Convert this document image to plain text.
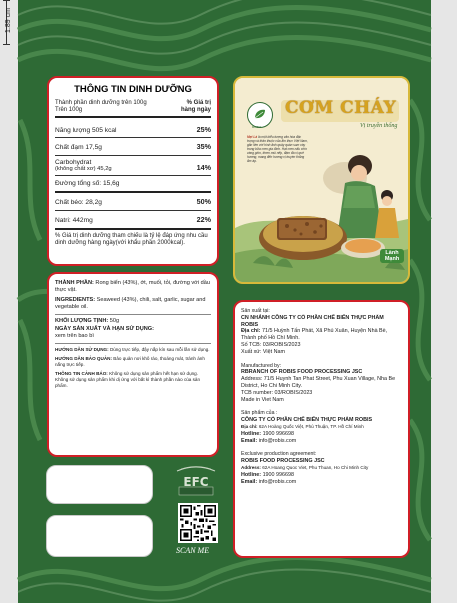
1.89 cm
THÔNG TIN DINH DƯỠNG
Thành phần dinh dưỡng trên 100g
Trên 100g
% Giá trị
hàng ngày
Năng lượng 505 kcal	25%
Chất đạm 17,5g	35%
Carbohydrat
(không chất xơ) 45,2g	14%
Đường tổng số: 15,6g
Chất béo: 28,2g	50%
Natri: 442mg	22%
% Giá trị dinh dưỡng tham chiếu là tỷ lệ đáp ứng nhu cầu dinh dưỡng hàng ngày(với khẩu phần 2000kcal).
ROBIS
CƠM CHÁY
Vị truyền thống
Mẹt Lá là một biểu tượng văn hóa đặc trưng và thân thuộc của ẩm thực Việt Nam, gắn liền với hình ảnh quây quần sum vầy trong bữa cơm gia đình. Hạt cơm nấu chín vàng giòn, thơm mùi nếp, đậm đà vị quê hương, mang đến hương vị truyền thống ấm áp.
Lành Mạnh

THÀNH PHẦN: Rong biển (43%), ớt, muối, tỏi, đường với dầu thực vật.

INGREDIENTS: Seaweed (43%), chili, salt, garlic, sugar and vegetable oil.

KHỐI LƯỢNG TỊNH: 50g

NGÀY SẢN XUẤT VÀ HẠN SỬ DỤNG:

xem trên bao bì

HƯỚNG DẪN SỬ DỤNG: Dùng trực tiếp, đậy nắp kín sau mỗi lần sử dụng.

HƯỚNG DẪN BẢO QUẢN: Bảo quản nơi khô ráo, thoáng mát, tránh ánh nắng trực tiếp.

THÔNG TIN CẢNH BÁO: Không sử dụng sản phẩm hết hạn sử dụng. Không sử dụng sản phẩm khi dị ứng với bất kì thành phần nào của sản phẩm.

Sản xuất tại:

CN NHÁNH CÔNG TY CỔ PHẦN CHẾ BIẾN THỰC PHẨM ROBIS

Địa chỉ: 71/5 Huỳnh Tấn Phát, Xã Phú Xuân, Huyện Nhà Bè, Thành phố Hồ Chí Minh.

Số TCB: 03/ROBIS/2023

Xuất xứ: Việt Nam

Manufactured by:

RBRANCH OF ROBIS FOOD PROCESSING JSC

Address: 71/5 Huynh Tan Phat Street, Phu Xuan Village, Nha Be District, Ho Chi Minh City.

TCB number: 03/ROBIS/2023

Made in Viet Nam

Sản phẩm của :

CÔNG TY CỔ PHẦN CHẾ BIẾN THỰC PHẨM ROBIS

Địa chỉ: 62A Hoàng Quốc Việt, Phú Thuận, TP. Hồ Chí Minh

Hotline: 1900 996698

Email: info@robis.com

Exclusive production agreement:

ROBIS FOOD PROCESSING JSC

Address: 62A Hoang Quoc Viet, Phu Thuan, Ho Chi Minh City

Hotline: 1900 996698

Email: info@robis.com

EFC
SCAN ME
